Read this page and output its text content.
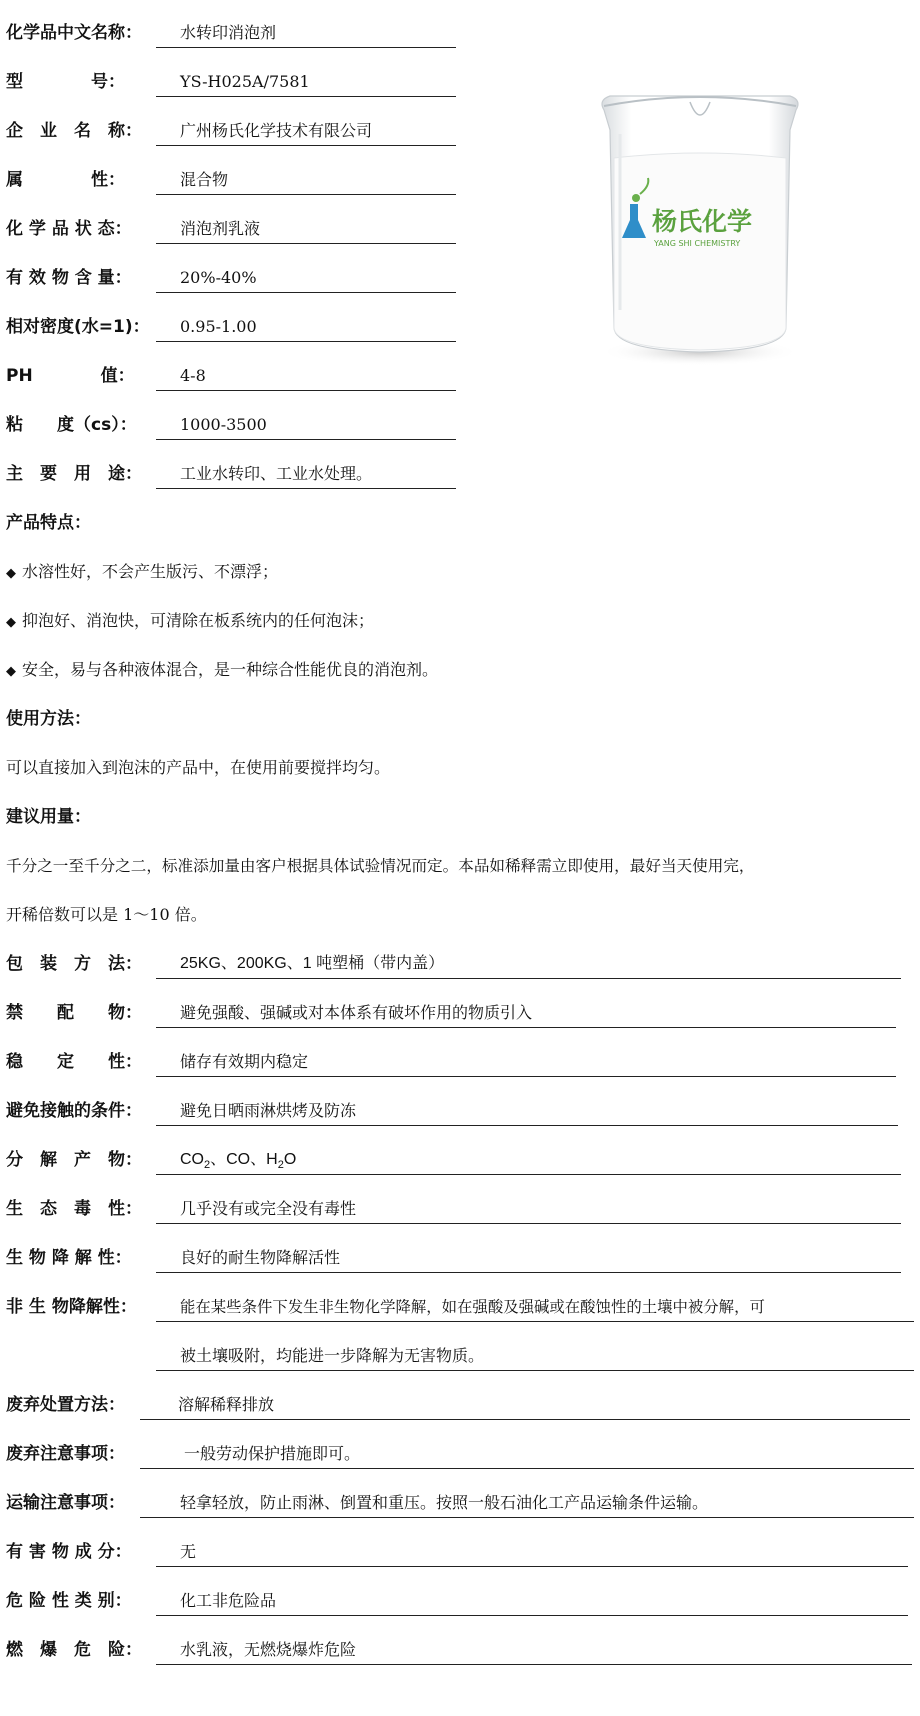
化学品中文名称：	水转印消泡剂
型　　　　号：	YS-H025A/7581
企　业　名　称：	广州杨氏化学技术有限公司
属　　　　性：	混合物
化 学 品 状 态：	消泡剂乳液
有 效 物 含 量：	20%-40%
相对密度(水=1)：	0.95-1.00
PH　　　　值：	4-8
粘　　度（cs）：	1000-3500
主　要　用　途：	工业水转印、工业水处理。
杨氏化学
YANG SHI CHEMISTRY
产品特点：
◆ 水溶性好，不会产生版污、不漂浮；
◆ 抑泡好、消泡快，可清除在板系统内的任何泡沫；
◆ 安全，易与各种液体混合，是一种综合性能优良的消泡剂。
使用方法：
可以直接加入到泡沫的产品中，在使用前要搅拌均匀。
建议用量：
千分之一至千分之二，标准添加量由客户根据具体试验情况而定。本品如稀释需立即使用，最好当天使用完，
开稀倍数可以是 1～10 倍。
包　装　方　法：	25KG、200KG、1 吨塑桶（带内盖）
禁　　配　　物：	避免强酸、强碱或对本体系有破坏作用的物质引入
稳　　定　　性：	储存有效期内稳定
避免接触的条件：	避免日晒雨淋烘烤及防冻
分　解　产　物：	$CO_2$、CO、$H_2O$
生　态　毒　性：	几乎没有或完全没有毒性
生 物 降 解 性：	良好的耐生物降解活性
非 生 物降解性：	能在某些条件下发生非生物化学降解，如在强酸及强碱或在酸蚀性的土壤中被分解，可
被土壤吸附，均能进一步降解为无害物质。
废弃处置方法：	溶解稀释排放
废弃注意事项：	一般劳动保护措施即可。
运输注意事项：	轻拿轻放，防止雨淋、倒置和重压。按照一般石油化工产品运输条件运输。
有 害 物 成 分：	无
危 险 性 类 别：	化工非危险品
燃　爆　危　险：	水乳液，无燃烧爆炸危险
